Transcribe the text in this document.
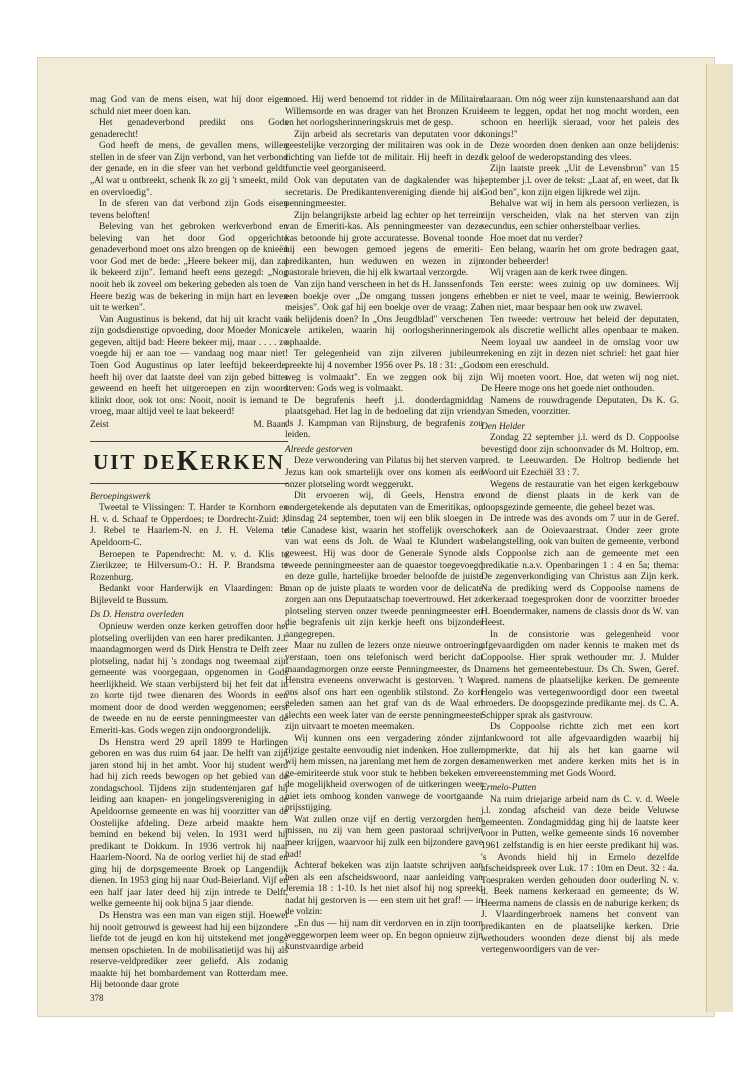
mag God van de mens eisen, wat hij door eigen schuld niet meer doen kan.

Het genadeverbond predikt ons Gods genaderecht!

God heeft de mens, de gevallen mens, willen stellen in de sfeer van Zijn verbond, van het verbond der genade, en in die sfeer van het verbond geldt: „Al wat u ontbreekt, schenk Ik zo gij 't smeekt, mild en overvloedig".

In de sferen van dat verbond zijn Gods eisen tevens beloften!

Beleving van het gebroken werkverbond en beleving van het door God opgerichte genadeverbond moet ons alzo brengen op de knieën voor God met de bede: „Heere bekeer mij, dan zal ik bekeerd zijn". Iemand heeft eens gezegd: „Nog nooit heb ik zoveel om bekering gebeden als toen de Heere bezig was de bekering in mijn hart en leven uit te werken".

Van Augustinus is bekend, dat hij uit kracht van zijn godsdienstige opvoeding, door Moeder Monica gegeven, altijd bad: Heere bekeer mij, maar . . . . zo voegde hij er aan toe — vandaag nog maar niet! Toen God Augustinus op later leeftijd bekeerde, heeft hij over dat laatste deel van zijn gebed bitter geweend en heeft het uitgeroepen en zijn woord klinkt door, ook tot ons: Nooit, nooit is iemand te vroeg, maar altijd veel te laat bekeerd!

Zeist	M. Baan.
UIT DE K ERKEN
Beroepingswerk

Tweetal te Vlissingen: T. Harder te Kornhorn en H. v. d. Schaaf te Opperdoes; te Dordrecht-Zuid: J. J. Rebel te Haarlem-N. en J. H. Velema te Apeldoorn-C.

Beroepen te Papendrecht: M. v. d. Klis te Zierikzee; te Hilversum-O.: H. P. Brandsma te Rozenburg.

Bedankt voor Harderwijk en Vlaardingen: B. Bijleveld te Bussum.

Ds D. Henstra overleden

Opnieuw werden onze kerken getroffen door het plotseling overlijden van een harer predikanten. J.l. maandagmorgen werd ds Dirk Henstra te Delft zeer plotseling, nadat hij 's zondags nog tweemaal zijn gemeente was voorgegaan, opgenomen in Gods heerlijkheid. We staan verbijsterd bij het feit dat in zo korte tijd twee dienaren des Woords in een moment door de dood werden weggenomen; eerst de tweede en nu de eerste penningmeester van de Emeriti-kas. Gods wegen zijn ondoorgrondelijk.

Ds Henstra werd 29 april 1899 te Harlingen geboren en was dus ruim 64 jaar. De helft van zijn jaren stond hij in het ambt. Voor hij student werd had hij zich reeds bewogen op het gebied van de zondagschool. Tijdens zijn studentenjaren gaf hij leiding aan knapen- en jongelingsvereniging in de Apeldoornse gemeente en was hij voorzitter van de Oostelijke afdeling. Deze arbeid maakte hem bemind en bekend bij velen. In 1931 werd hij predikant te Dokkum. In 1936 vertrok hij naar Haarlem-Noord. Na de oorlog verliet hij de stad en ging hij de dorpsgemeente Broek op Langendijk dienen. In 1953 ging hij naar Oud-Beierland. Vijf en een half jaar later deed hij zijn intrede te Delft, welke gemeente hij ook bijna 5 jaar diende.

Ds Henstra was een man van eigen stijl. Hoewel hij nooit getrouwd is geweest had hij een bijzondere liefde tot de jeugd en kon hij uitstekend met jonge mensen opschieten. In de mobilisatietijd was hij als reserve-veldprediker zeer geliefd. Als zodanig maakte hij het bombardement van Rotterdam mee. Hij betoonde daar grote

moed. Hij werd benoemd tot ridder in de Militaire Willemsorde en was drager van het Bronzen Kruis en het oorlogsherinneringskruis met de gesp.

Zijn arbeid als secretaris van deputaten voor de geestelijke verzorging der militairen was ook in de richting van liefde tot de militair. Hij heeft in deze functie veel georganiseerd.

Ook van deputaten van de dagkalender was hij secretaris. De Predikantenvereniging diende hij als penningmeester.

Zijn belangrijkste arbeid lag echter op het terrein van de Emeriti-kas. Als penningmeester van deze kas betoonde hij grote accuratesse. Bovenal toonde hij een bewogen gemoed jegens de emeriti-predikanten, hun weduwen en wezen in zijn pastorale brieven, die hij elk kwartaal verzorgde.

Van zijn hand verscheen in het ds H. Janssenfonds een boekje over „De omgang tussen jongens en meisjes". Ook gaf hij een boekje over de vraag: Zal ik belijdenis doen? In „Ons Jeugdblad" verschenen vele artikelen, waarin hij oorlogsherinneringen ophaalde.

Ter gelegenheid van zijn zilveren jubileum preekte hij 4 november 1956 over Ps. 18 : 31: „Gods weg is volmaakt". En we zeggen ook bij zijn sterven: Gods weg is volmaakt.

De begrafenis heeft j.l. donderdagmiddag plaatsgehad. Het lag in de bedoeling dat zijn vriend, ds J. Kampman van Rijnsburg, de begrafenis zou leiden.

Alreede gestorven

Deze verwondering van Pilatus bij het sterven van Jezus kan ook smartelijk over ons komen als een onzer plotseling wordt weggerukt.

Dit ervoeren wij, di Geels, Henstra en ondergetekende als deputaten van de Emeritikas, op dinsdag 24 september, toen wij een blik sloegen in die Canadese kist, waarin het stoffelijk overschot van wat eens ds Joh. de Waal te Klundert was geweest. Hij was door de Generale Synode als tweede penningmeester aan de quaestor toegevoegd en deze gulle, hartelijke broeder beloofde de juiste man op de juiste plaats te worden voor de delicate zorgen aan ons Deputaatschap toevertrouwd. Het zo plotseling sterven onzer tweede penningmeester en die begrafenis uit zijn kerkje heeft ons bijzonder aangegrepen.

Maar nu zullen de lezers onze nieuwe ontroering verstaan, toen ons telefonisch werd bericht dat maandagmorgen onze eerste Penningmeester, ds D. Henstra eveneens onverwacht is gestorven. 't Was ons alsof ons hart een ogenblik stilstond. Zo kort geleden samen aan het graf van ds de Waal en slechts een week later van de eerste penningmeester zijn uitvaart te moeten meemaken.

Wij kunnen ons een vergadering zónder zijn rijzige gestalte eenvoudig niet indenken. Hoe zullen wij hem missen, na jarenlang met hem de zorgen der ge-emiriteerde stuk voor stuk te hebben bekeken en de mogelijkheid overwogen of de uitkeringen weer niet iets omhoog konden vanwege de voortgaande prijsstijging.

Wat zullen onze vijf en dertig verzorgden hem missen, nu zij van hem geen pastoraal schrijven meer krijgen, waarvoor hij zulk een bijzondere gave had!

Achteraf bekeken was zijn laatste schrijven aan hen als een afscheidswoord, naar aanleiding van Jeremia 18 : 1-10. Is het niet alsof hij nog spreekt nadat hij gestorven is — een stem uit het graf! — in de volzin:

„En dus — hij nam dit verdorven en in zijn toorn weggeworpen leem weer op. En begon opnieuw zijn kunstvaardige arbeid

daaraan. Om nóg weer zijn kunstenaarshand aan dat leem te leggen, opdat het nog mocht worden, een schoon en heerlijk sieraad, voor het paleis des konings!"

Deze woorden doen denken aan onze belijdenis: Ik geloof de wederopstanding des vlees.

Zijn laatste preek „Uit de Levensbron" van 15 september j.l. over de tekst: „Laat af, en weet, dat Ik God ben", kon zijn eigen lijkrede wel zijn.

Behalve wat wij in hem als persoon verliezen, is zijn verscheiden, vlak na het sterven van zijn secundus, een schier onherstelbaar verlies.

Hoe moet dat nu verder?

Een belang, waarin het om grote bedragen gaat, zonder beheerder!

Wij vragen aan de kerk twee dingen.

Ten eerste: wees zuinig op uw dominees. Wij hebben er niet te veel, maar te weinig. Bewierrook hen niet, maar bespaar hen ook uw zwavel.

Ten tweede: vertrouw het beleid der deputaten, ook als discretie wellicht alles openbaar te maken. Neem loyaal uw aandeel in de omslag voor uw rekening en zijt in dezen niet schriel: het gaat hier om een ereschuld.

Wij moeten voort. Hoe, dat weten wij nog niet. De Heere moge ons het goede niet onthouden.

Namens de rouwdragende Deputaten, Ds K. G. van Smeden, voorzitter.

Den Helder

Zondag 22 september j.l. werd ds D. Coppoolse bevestigd door zijn schoonvader ds M. Holtrop, em. pred. te Leeuwarden. De Holtrop bediende het Woord uit Ezechiël 33 : 7.

Wegens de restauratie van het eigen kerkgebouw vond de dienst plaats in de kerk van de doopsgezinde gemeente, die geheel bezet was.

De intrede was des avonds om 7 uur in de Geref. kerk aan de Ooievaarstraat. Onder zeer grote belangstelling, ook van buiten de gemeente, verbond ds Coppoolse zich aan de gemeente met een predikatie n.a.v. Openbaringen 1 : 4 en 5a; thema: De zegenverkondiging van Christus aan Zijn kerk. Na de prediking werd ds Coppoolse namens de kerkeraad toegesproken door de voorzitter broeder H. Boendermaker, namens de classis door ds W. van Heest.

In de consistorie was gelegenheid voor afgevaardigden om nader kennis te maken met ds Coppoolse. Hier sprak wethouder mr. J. Mulder namens het gemeentebestuur. Ds Ch. Swen, Geref. pred. namens de plaatselijke kerken. De gemeente Hengelo was vertegenwoordigd door een tweetal broeders. De doopsgezinde predikante mej. ds C. A. Schipper sprak als gastvrouw.

Ds Coppoolse richtte zich met een kort dankwoord tot alle afgevaardigden waarbij hij opmerkte, dat hij als het kan gaarne wil samenwerken met andere kerken mits het is in overeenstemming met Gods Woord.

Ermelo-Putten

Na ruim driejarige arbeid nam ds C. v. d. Weele j.l. zondag afscheid van deze beide Veluwse gemeenten. Zondagmiddag ging hij de laatste keer voor in Putten, welke gemeente sinds 16 november 1961 zelfstandig is en hier eerste predikant hij was. 's Avonds hield hij in Ermelo dezelfde afscheidspreek over Luk. 17 : 10m en Deut. 32 : 4a. Toespraken werden gehouden door ouderling N. v. d. Beek namens kerkeraad en gemeente; ds W. Heerma namens de classis en de naburige kerken; ds J. Vlaardingerbroek namens het convent van predikanten en de plaatselijke kerken. Drie wethouders woonden deze dienst bij als mede vertegenwoordigers van de ver-

378
